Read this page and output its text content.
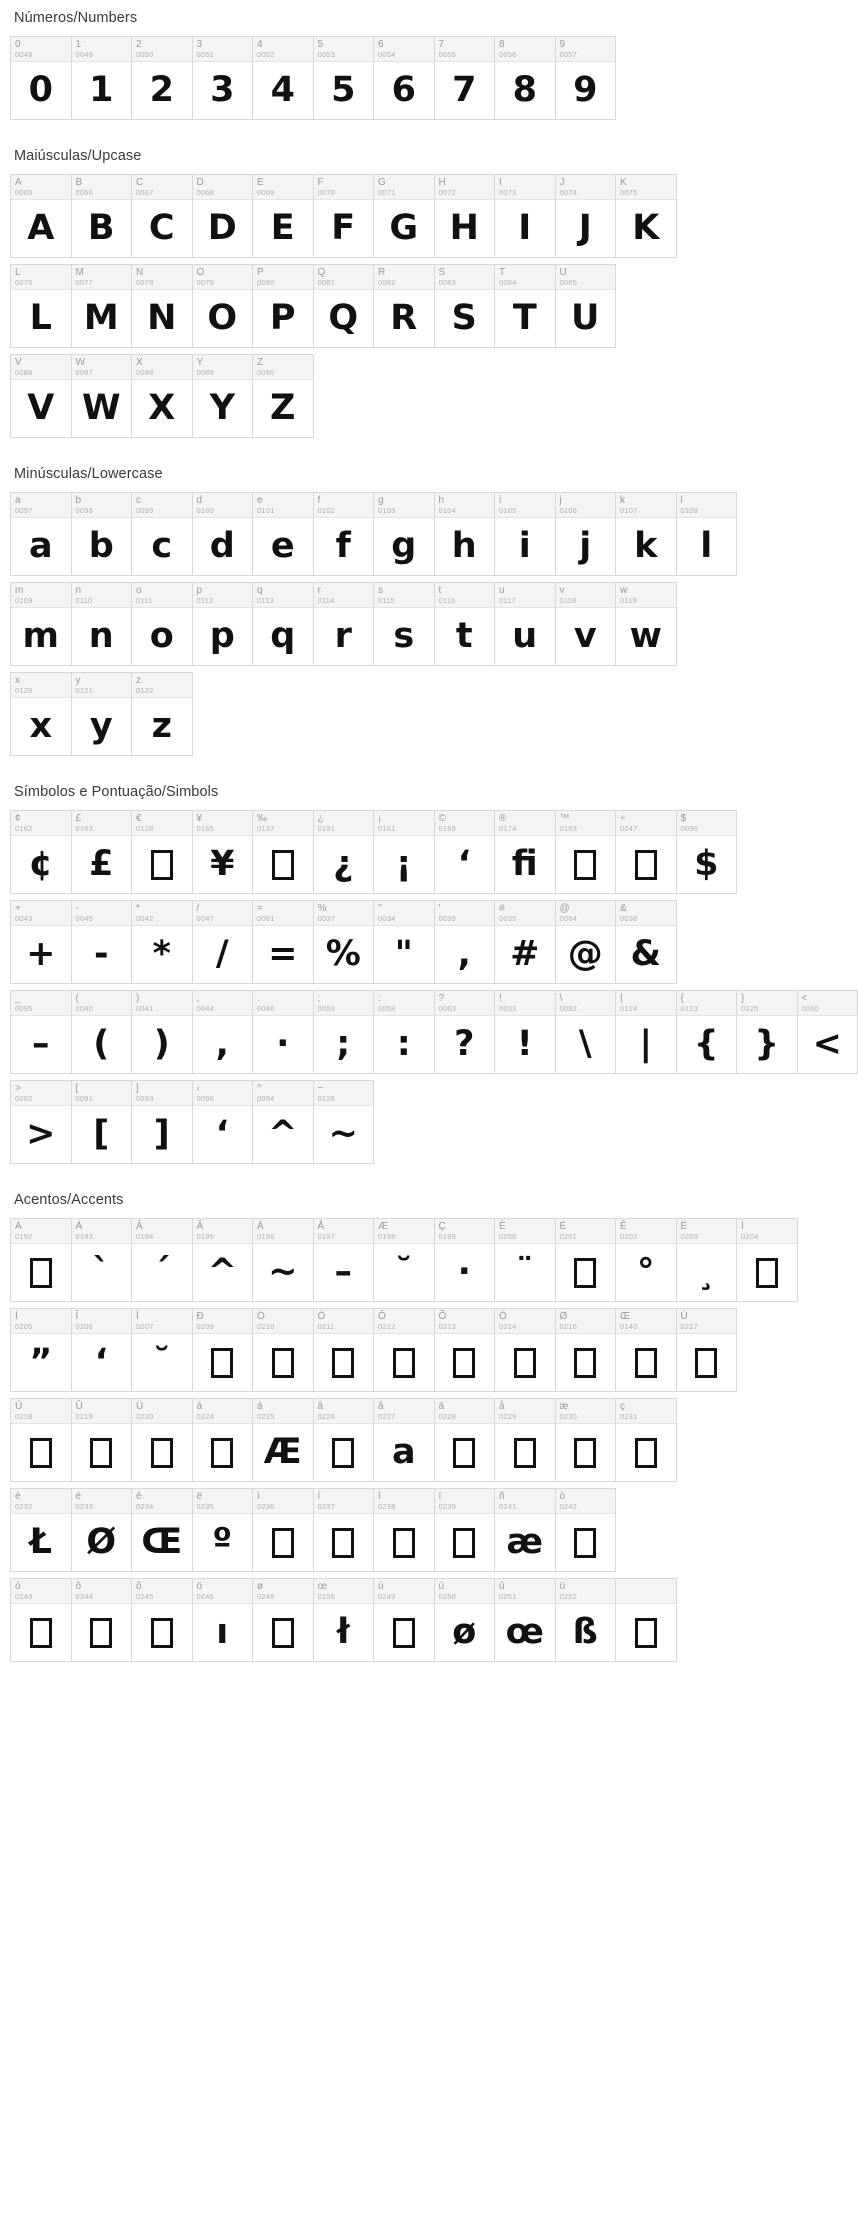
Números/Numbers
0
0048
0
1
0049
1
2
0050
2
3
0051
3
4
0052
4
5
0053
5
6
0054
6
7
0055
7
8
0056
8
9
0057
9
Maiúsculas/Upcase
A
0065
A
B
0066
B
C
0067
C
D
0068
D
E
0069
E
F
0070
F
G
0071
G
H
0072
H
I
0073
I
J
0074
J
K
0075
K
L
0076
L
M
0077
M
N
0078
N
O
0079
O
P
0080
P
Q
0081
Q
R
0082
R
S
0083
S
T
0084
T
U
0085
U
V
0086
V
W
0087
W
X
0088
X
Y
0089
Y
Z
0090
Z
Minúsculas/Lowercase
a
0097
a
b
0098
b
c
0099
c
d
0100
d
e
0101
e
f
0102
f
g
0103
g
h
0104
h
i
0105
i
j
0106
j
k
0107
k
l
0108
l
m
0109
m
n
0110
n
o
0111
o
p
0112
p
q
0113
q
r
0114
r
s
0115
s
t
0116
t
u
0117
u
v
0118
v
w
0119
w
x
0120
x
y
0121
y
z
0122
z
Símbolos e Pontuação/Simbols
¢
0162
¢
£
0163
£
€
0128
¥
0165
¥
‰
0137
¿
0191
¿
¡
0161
¡
©
0169
‘
®
0174
fi
™
0153
÷
0247
$
0036
$
+
0043
+
-
0045
-
*
0042
*
/
0047
/
=
0061
=
%
0037
%
"
0034
"
'
0039
,
#
0035
#
@
0064
@
&
0038
&
_
0095
–
(
0040
(
)
0041
)
,
0044
,
.
0046
·
;
0059
;
:
0058
:
?
0063
?
!
0033
!
\
0092
\
|
0124
|
{
0123
{
}
0125
}
<
0060
<
>
0062
>
[
0091
[
]
0093
]
‹
0096
‘
^
0094
^
~
0126
~
Acentos/Accents
À
0192
Á
0193
`
Â
0194
´
Ã
0195
^
Ä
0196
~
Å
0197
–
Æ
0198
˘
Ç
0199
·
È
0200
¨
É
0201
Ê
0202
°
Ë
0203
¸
Ì
0204
Í
0205
”
Î
0206
‘
Ï
0207
˘
Ð
0209
Ò
0210
Ó
0211
Ô
0212
Õ
0213
Ö
0214
Ø
0216
Œ
0140
Ù
0217
Ú
0218
Û
0219
Ü
0220
à
0224
á
0225
Æ
â
0226
ã
0227
a
ä
0228
å
0229
æ
0230
ç
0231
è
0232
Ł
é
0233
Ø
ê
0234
Œ
ë
0235
º
ì
0236
í
0237
î
0238
ï
0239
ñ
0241
æ
ò
0242
ó
0243
ô
0244
õ
0245
ö
0246
ı
ø
0248
œ
0156
ł
ù
0249
ú
0250
ø
û
0251
œ
ü
0252
ß
